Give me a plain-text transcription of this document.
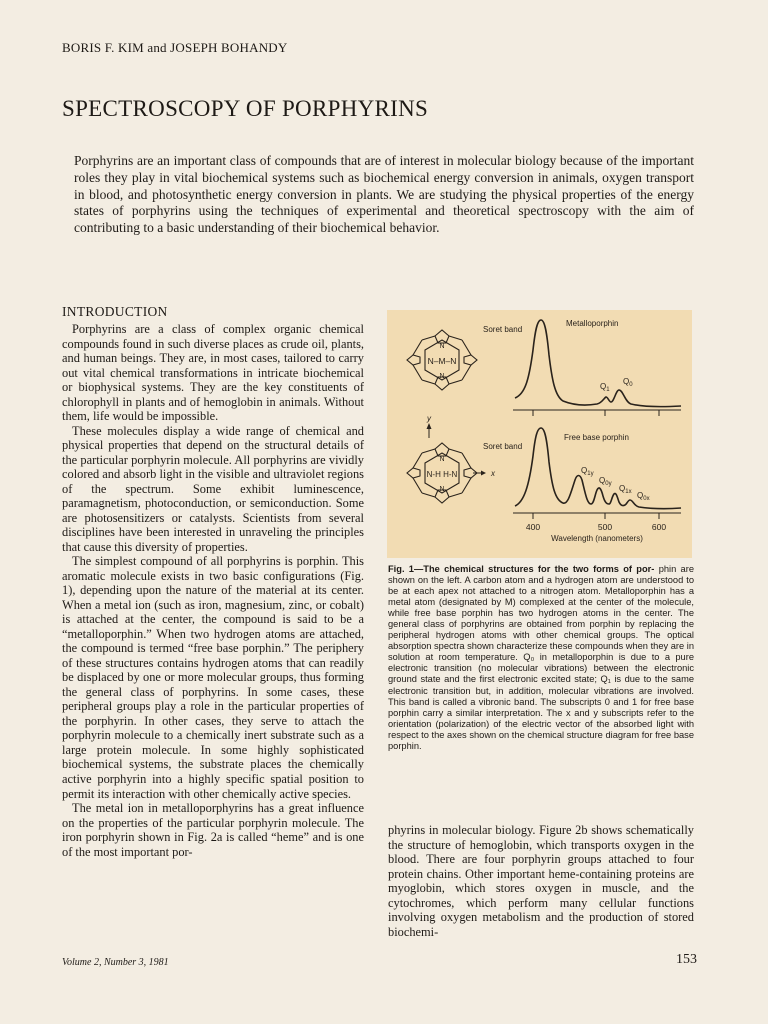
BORIS F. KIM and JOSEPH BOHANDY
SPECTROSCOPY OF PORPHYRINS

Porphyrins are an important class of compounds that are of interest in molecular biology because of the important roles they play in vital biochemical systems such as biochemical energy conversion in animals, oxygen transport in blood, and photosynthetic energy conversion in plants. We are studying the physical properties of the energy states of porphyrins using the techniques of experimental and theoretical spectroscopy with the aim of contributing to a basic understanding of their biochemical behavior.

INTRODUCTION

Porphyrins are a class of complex organic chemical compounds found in such diverse places as crude oil, plants, and human beings. They are, in most cases, tailored to carry out vital chemical transformations in intricate biochemical or biophysical systems. They are the key constituents of chlorophyll in plants and of hemoglobin in animals. Without them, life would be impossible.

These molecules display a wide range of chemical and physical properties that depend on the structural details of the particular porphyrin molecule. All porphyrins are vividly colored and absorb light in the visible and ultraviolet regions of the spectrum. Some exhibit luminescence, paramagnetism, photoconduction, or semiconduction. Some are photosensitizers or catalysts. Scientists from several disciplines have been interested in unraveling the principles that cause this diversity of properties.

The simplest compound of all porphyrins is porphin. This aromatic molecule exists in two basic configurations (Fig. 1), depending upon the nature of the material at its center. When a metal ion (such as iron, magnesium, zinc, or cobalt) is attached at the center, the compound is said to be a “metalloporphin.” When two hydrogen atoms are attached, the compound is termed “free base porphin.” The periphery of these structures contains hydrogen atoms that can readily be displaced by one or more molecular groups, thus forming the general class of porphyrins. In some cases, these peripheral groups play a role in the particular properties of the porphyrin. In other cases, they serve to attach the porphyrin molecule to a chemically inert substrate such as a large protein molecule. In some highly sophisticated biochemical systems, the substrate places the chemically active porphyrin into a highly specific spatial position to permit its interaction with other chemically active species.

The metal ion in metalloporphyrins has a great influence on the properties of the particular porphyrin molecule. The iron porphyrin shown in Fig. 2a is called “heme” and is one of the most important por-

N–M–N
N
N
y
x
N-H H-N
N
N
Soret band
Metalloporphin
$Q_1$
$Q_0$
Soret band
Free base porphin
$Q_{1y}$
$Q_{0y}$ $Q_{1x}$ $Q_{0x}$
400	500	600
Wavelength (nanometers)

Fig. 1—The chemical structures for the two forms of por- phin are shown on the left. A carbon atom and a hydrogen atom are understood to be at each apex not attached to a nitrogen atom. Metalloporphin has a metal atom (designated by M) complexed at the center of the molecule, while free base porphin has two hydrogen atoms in the center. The general class of porphyrins are obtained from porphin by replacing the peripheral hydrogen atoms with other chemical groups. The optical absorption spectra shown characterize these compounds when they are in solution at room temperature. Q₀ in metalloporphin is due to a pure electronic transition (no molecular vibrations) between the electronic ground state and the first electronic excited state; Q₁ is due to the same electronic transition but, in addition, molecular vibrations are involved. This band is called a vibronic band. The subscripts 0 and 1 for free base porphin carry a similar interpretation. The x and y subscripts refer to the orientation (polarization) of the electric vector of the absorbed light with respect to the axes shown on the chemical structure diagram for free base porphin.

phyrins in molecular biology. Figure 2b shows schematically the structure of hemoglobin, which transports oxygen in the blood. There are four porphyrin groups attached to four protein chains. Other important heme-containing proteins are myoglobin, which stores oxygen in muscle, and the cytochromes, which perform many cellular functions involving oxygen metabolism and the production of stored biochemi-

Volume 2, Number 3, 1981	153
